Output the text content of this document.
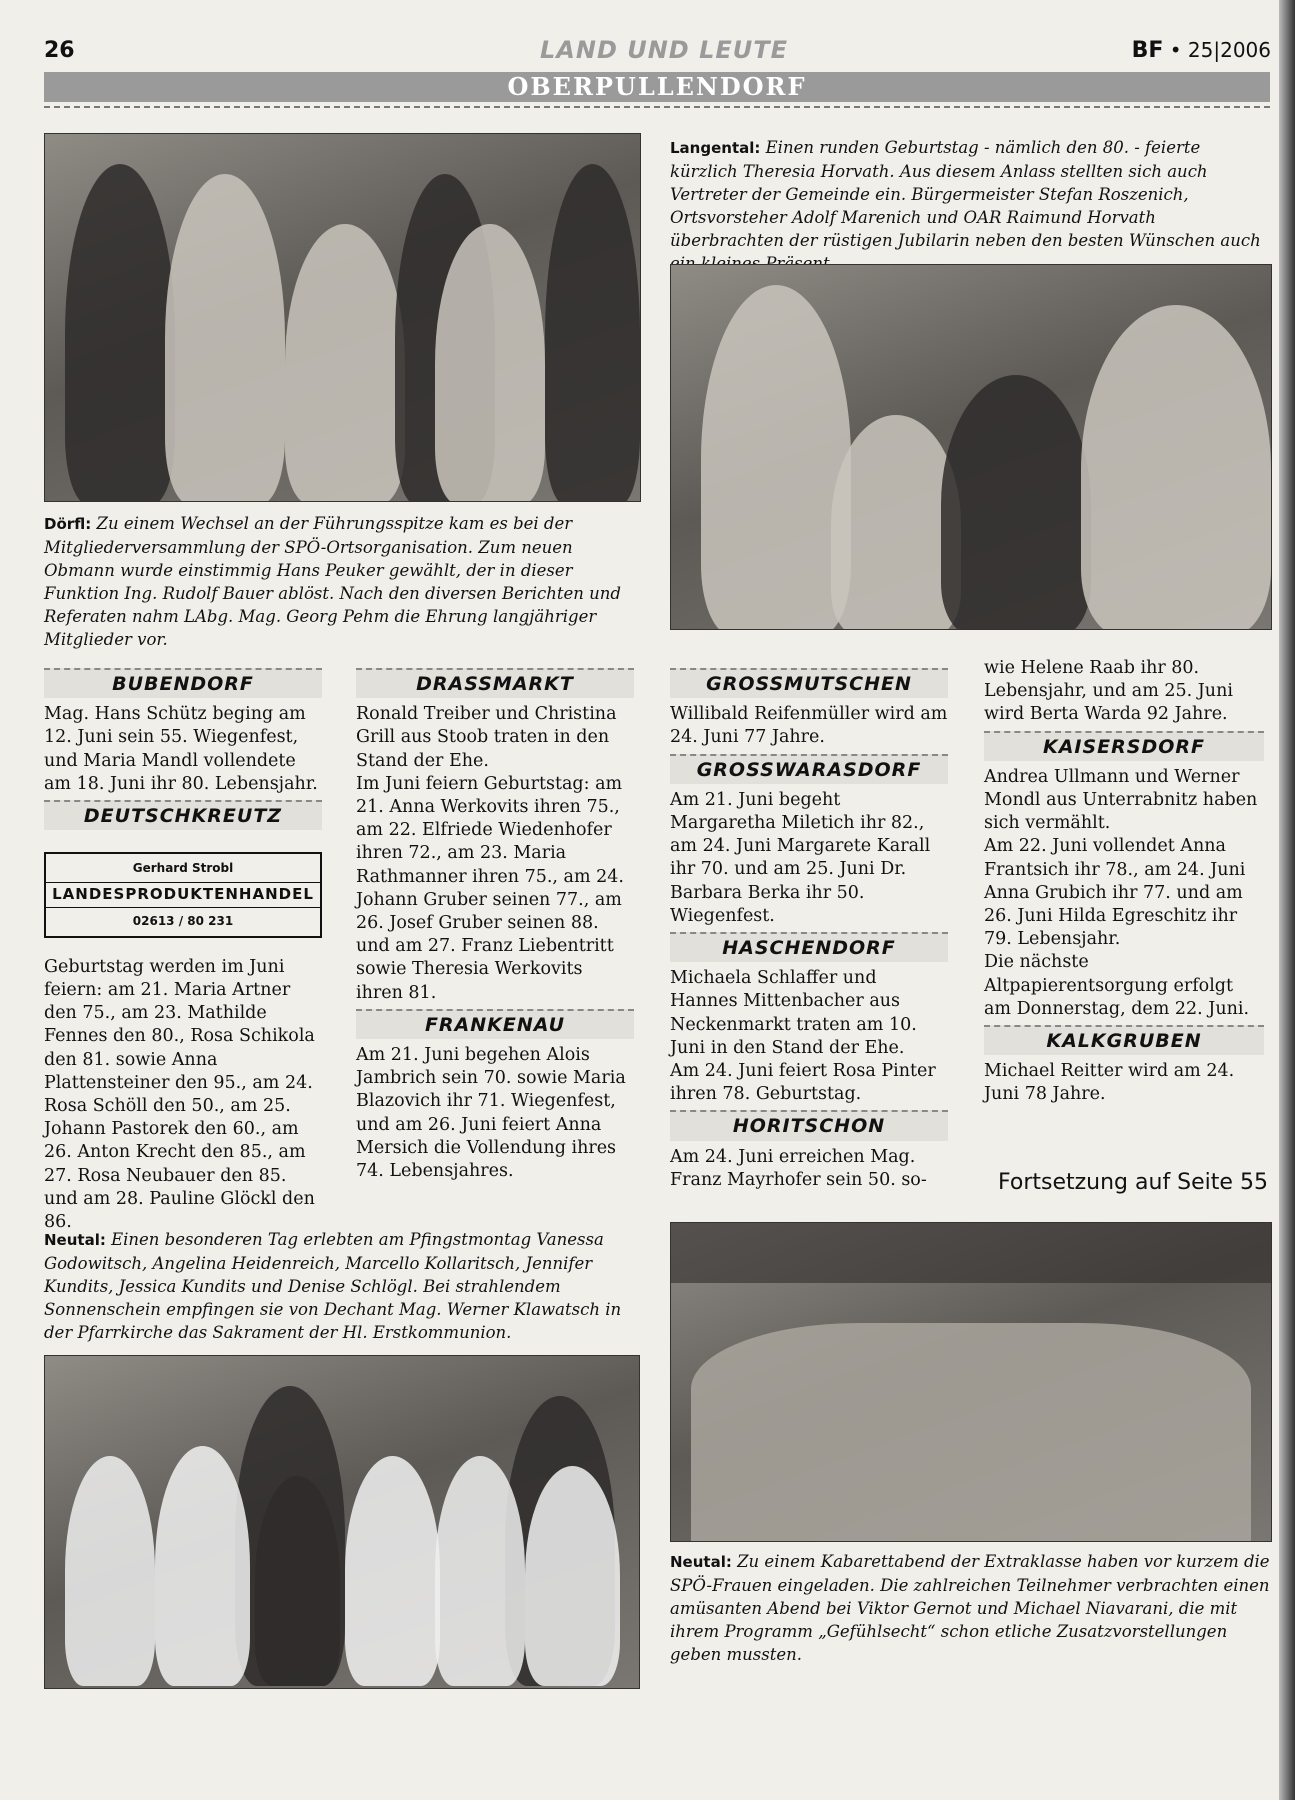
26	LAND UND LEUTE	BF • 25|2006
OBERPULLENDORF
Dörfl: Zu einem Wechsel an der Führungsspitze kam es bei der Mitgliederversammlung der SPÖ-Ortsorganisation. Zum neuen Obmann wurde einstimmig Hans Peuker gewählt, der in dieser Funktion Ing. Rudolf Bauer ablöst. Nach den diversen Berichten und Referaten nahm LAbg. Mag. Georg Pehm die Ehrung langjähriger Mitglieder vor.
Langental: Einen runden Geburtstag - nämlich den 80. - feierte kürzlich Theresia Horvath. Aus diesem Anlass stellten sich auch Vertreter der Gemeinde ein. Bürgermeister Stefan Roszenich, Ortsvorsteher Adolf Marenich und OAR Raimund Horvath überbrachten der rüstigen Jubilarin neben den besten Wünschen auch
BUBENDORF

Mag. Hans Schütz beging am 12. Juni sein 55. Wiegenfest, und Maria Mandl vollendete am 18. Juni ihr 80. Lebensjahr.

DEUTSCHKREUTZ
Gerhard Strobl
LANDESPRODUKTENHANDEL
02613 / 80 231

Geburtstag werden im Juni feiern: am 21. Maria Artner den 75., am 23. Mathilde Fennes den 80., Rosa Schikola den 81. sowie Anna Plattensteiner den 95., am 24. Rosa Schöll den 50., am 25. Johann Pastorek den 60., am 26. Anton Krecht den 85., am 27. Rosa Neubauer den 85. und am 28. Pauline Glöckl den 86.

DRASSMARKT

Ronald Treiber und Christina Grill aus Stoob traten in den Stand der Ehe.

Im Juni feiern Geburtstag: am 21. Anna Werkovits ihren 75., am 22. Elfriede Wiedenhofer ihren 72., am 23. Maria Rathmanner ihren 75., am 24. Johann Gruber seinen 77., am 26. Josef Gruber seinen 88. und am 27. Franz Liebentritt sowie Theresia Werkovits ihren 81.

FRANKENAU

Am 21. Juni begehen Alois Jambrich sein 70. sowie Maria Blazovich ihr 71. Wiegenfest, und am 26. Juni feiert Anna Mersich die Vollendung ihres 74. Lebensjahres.

GROSSMUTSCHEN

Willibald Reifenmüller wird am 24. Juni 77 Jahre.

GROSSWARASDORF

Am 21. Juni begeht Margaretha Miletich ihr 82., am 24. Juni Margarete Karall ihr 70. und am 25. Juni Dr. Barbara Berka ihr 50. Wiegenfest.

HASCHENDORF

Michaela Schlaffer und Hannes Mittenbacher aus Neckenmarkt traten am 10. Juni in den Stand der Ehe.

Am 24. Juni feiert Rosa Pinter ihren 78. Geburtstag.

HORITSCHON

Am 24. Juni erreichen Mag. Franz Mayrhofer sein 50. so-

wie Helene Raab ihr 80. Lebensjahr, und am 25. Juni wird Berta Warda 92 Jahre.

KAISERSDORF

Andrea Ullmann und Werner Mondl aus Unterrabnitz haben sich vermählt.

Am 22. Juni vollendet Anna Frantsich ihr 78., am 24. Juni Anna Grubich ihr 77. und am 26. Juni Hilda Egreschitz ihr 79. Lebensjahr.

Die nächste Altpapierentsorgung erfolgt am Donnerstag, dem 22. Juni.

KALKGRUBEN

Michael Reitter wird am 24. Juni 78 Jahre.

Fortsetzung auf Seite 55
Neutal: Einen besonderen Tag erlebten am Pfingstmontag Vanessa Godowitsch, Angelina Heidenreich, Marcello Kollaritsch, Jennifer Kundits, Jessica Kundits und Denise Schlögl. Bei strahlendem Sonnenschein empfingen sie von Dechant Mag. Werner Klawatsch in der Pfarrkirche das Sakrament der Hl. Erstkommunion.
Neutal: Zu einem Kabarettabend der Extraklasse haben vor kurzem die SPÖ-Frauen eingeladen. Die zahlreichen Teilnehmer verbrachten einen amüsanten Abend bei Viktor Gernot und Michael Niavarani, die mit ihrem Programm „Gefühlsecht“ schon etliche Zusatzvorstellungen geben mussten.
